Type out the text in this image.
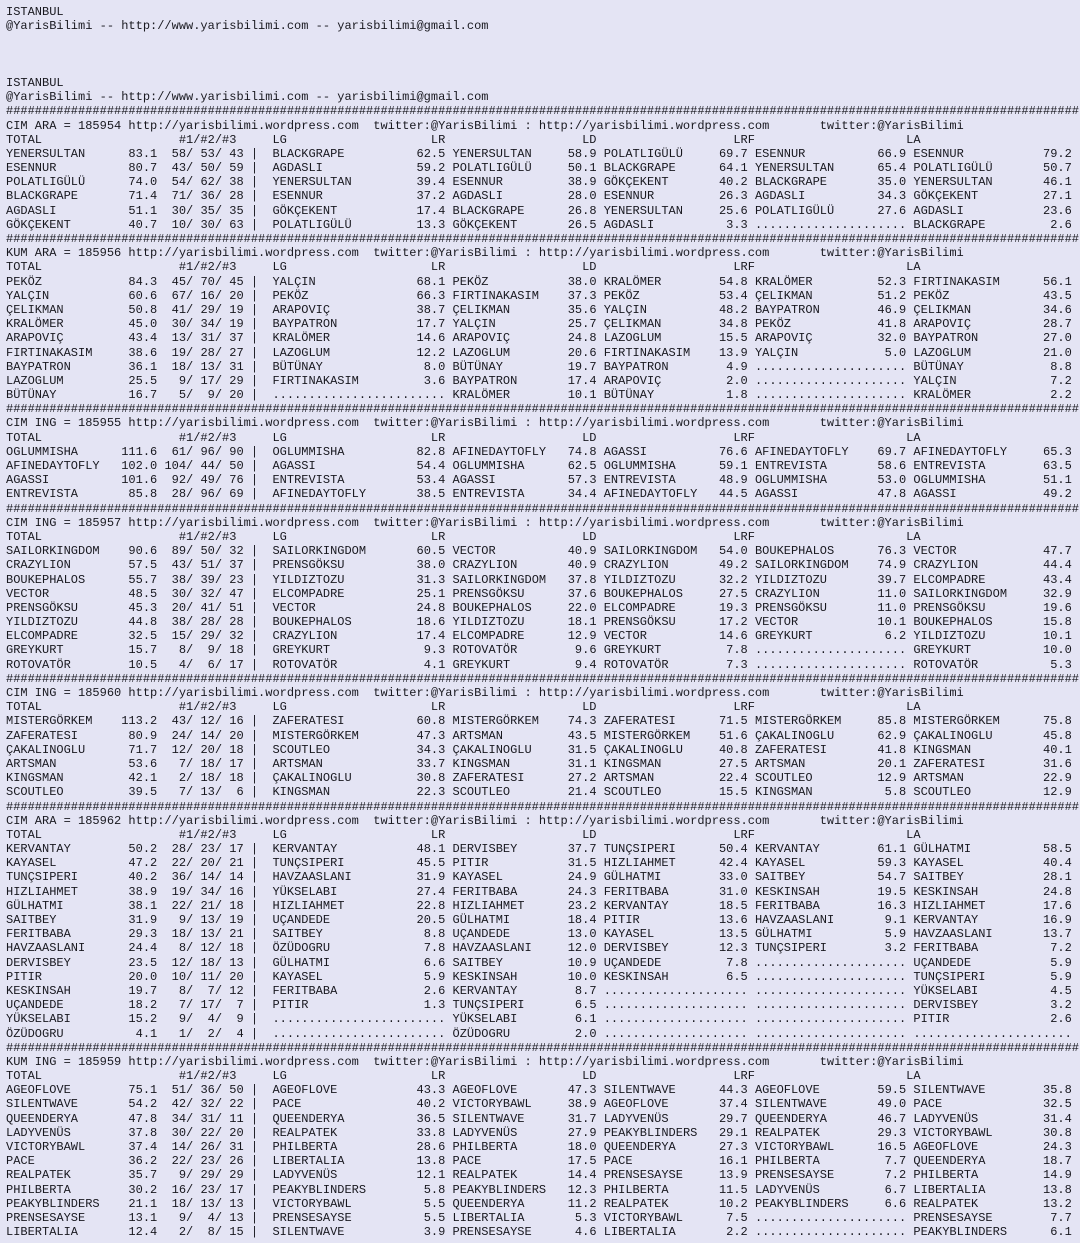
ISTANBUL
@YarisBilimi -- http://www.yarisbilimi.com -- yarisbilimi@gmail.com
ISTANBUL
@YarisBilimi -- http://www.yarisbilimi.com -- yarisbilimi@gmail.com
#####################################################################################################################################################
CIM ARA = 185954 http://yarisbilimi.wordpress.com  twitter:@YarisBilimi : http://yarisbilimi.wordpress.com       twitter:@YarisBilimi
TOTAL                   #1/#2/#3     LG                    LR                   LD                   LRF                     LA
YENERSULTAN      83.1  58/ 53/ 43 |  BLACKGRAPE          62.5 YENERSULTAN     58.9 POLATLIGÜLÜ     69.7 ESENNUR          66.9 ESENNUR           79.2
ESENNUR          80.7  43/ 50/ 59 |  AGDASLI             59.2 POLATLIGÜLÜ     50.1 BLACKGRAPE      64.1 YENERSULTAN      65.4 POLATLIGÜLÜ       50.7
POLATLIGÜLÜ      74.0  54/ 62/ 38 |  YENERSULTAN         39.4 ESENNUR         38.9 GÖKÇEKENT       40.2 BLACKGRAPE       35.0 YENERSULTAN       46.1
BLACKGRAPE       71.4  71/ 36/ 28 |  ESENNUR             37.2 AGDASLI         28.0 ESENNUR         26.3 AGDASLI          34.3 GÖKÇEKENT         27.1
AGDASLI          51.1  30/ 35/ 35 |  GÖKÇEKENT           17.4 BLACKGRAPE      26.8 YENERSULTAN     25.6 POLATLIGÜLÜ      27.6 AGDASLI           23.6
GÖKÇEKENT        40.7  10/ 30/ 63 |  POLATLIGÜLÜ         13.3 GÖKÇEKENT       26.5 AGDASLI          3.3 ..................... BLACKGRAPE         2.6
#####################################################################################################################################################
KUM ARA = 185956 http://yarisbilimi.wordpress.com  twitter:@YarisBilimi : http://yarisbilimi.wordpress.com       twitter:@YarisBilimi
TOTAL                   #1/#2/#3     LG                    LR                   LD                   LRF                     LA
PEKÖZ            84.3  45/ 70/ 45 |  YALÇIN              68.1 PEKÖZ           38.0 KRALÖMER        54.8 KRALÖMER         52.3 FIRTINAKASIM      56.1
YALÇIN           60.6  67/ 16/ 20 |  PEKÖZ               66.3 FIRTINAKASIM    37.3 PEKÖZ           53.4 ÇELIKMAN         51.2 PEKÖZ             43.5
ÇELIKMAN         50.8  41/ 29/ 19 |  ARAPOVIÇ            38.7 ÇELIKMAN        35.6 YALÇIN          48.2 BAYPATRON        46.9 ÇELIKMAN          34.6
KRALÖMER         45.0  30/ 34/ 19 |  BAYPATRON           17.7 YALÇIN          25.7 ÇELIKMAN        34.8 PEKÖZ            41.8 ARAPOVIÇ          28.7
ARAPOVIÇ         43.4  13/ 31/ 37 |  KRALÖMER            14.6 ARAPOVIÇ        24.8 LAZOGLUM        15.5 ARAPOVIÇ         32.0 BAYPATRON         27.0
FIRTINAKASIM     38.6  19/ 28/ 27 |  LAZOGLUM            12.2 LAZOGLUM        20.6 FIRTINAKASIM    13.9 YALÇIN            5.0 LAZOGLUM          21.0
BAYPATRON        36.1  18/ 13/ 31 |  BÜTÜNAY              8.0 BÜTÜNAY         19.7 BAYPATRON        4.9 ..................... BÜTÜNAY            8.8
LAZOGLUM         25.5   9/ 17/ 29 |  FIRTINAKASIM         3.6 BAYPATRON       17.4 ARAPOVIÇ         2.0 ..................... YALÇIN             7.2
BÜTÜNAY          16.7   5/  9/ 20 |  ........................ KRALÖMER        10.1 BÜTÜNAY          1.8 ..................... KRALÖMER           2.2
#####################################################################################################################################################
CIM ING = 185955 http://yarisbilimi.wordpress.com  twitter:@YarisBilimi : http://yarisbilimi.wordpress.com       twitter:@YarisBilimi
TOTAL                   #1/#2/#3     LG                    LR                   LD                   LRF                     LA
OGLUMMISHA      111.6  61/ 96/ 90 |  OGLUMMISHA          82.8 AFINEDAYTOFLY   74.8 AGASSI          76.6 AFINEDAYTOFLY    69.7 AFINEDAYTOFLY     65.3
AFINEDAYTOFLY   102.0 104/ 44/ 50 |  AGASSI              54.4 OGLUMMISHA      62.5 OGLUMMISHA      59.1 ENTREVISTA       58.6 ENTREVISTA        63.5
AGASSI          101.6  92/ 49/ 76 |  ENTREVISTA          53.4 AGASSI          57.3 ENTREVISTA      48.9 OGLUMMISHA       53.0 OGLUMMISHA        51.1
ENTREVISTA       85.8  28/ 96/ 69 |  AFINEDAYTOFLY       38.5 ENTREVISTA      34.4 AFINEDAYTOFLY   44.5 AGASSI           47.8 AGASSI            49.2
#####################################################################################################################################################
CIM ING = 185957 http://yarisbilimi.wordpress.com  twitter:@YarisBilimi : http://yarisbilimi.wordpress.com       twitter:@YarisBilimi
TOTAL                   #1/#2/#3     LG                    LR                   LD                   LRF                     LA
SAILORKINGDOM    90.6  89/ 50/ 32 |  SAILORKINGDOM       60.5 VECTOR          40.9 SAILORKINGDOM   54.0 BOUKEPHALOS      76.3 VECTOR            47.7
CRAZYLION        57.5  43/ 51/ 37 |  PRENSGÖKSU          38.0 CRAZYLION       40.9 CRAZYLION       49.2 SAILORKINGDOM    74.9 CRAZYLION         44.4
BOUKEPHALOS      55.7  38/ 39/ 23 |  YILDIZTOZU          31.3 SAILORKINGDOM   37.8 YILDIZTOZU      32.2 YILDIZTOZU       39.7 ELCOMPADRE        43.4
VECTOR           48.5  30/ 32/ 47 |  ELCOMPADRE          25.1 PRENSGÖKSU      37.6 BOUKEPHALOS     27.5 CRAZYLION        11.0 SAILORKINGDOM     32.9
PRENSGÖKSU       45.3  20/ 41/ 51 |  VECTOR              24.8 BOUKEPHALOS     22.0 ELCOMPADRE      19.3 PRENSGÖKSU       11.0 PRENSGÖKSU        19.6
YILDIZTOZU       44.8  38/ 28/ 28 |  BOUKEPHALOS         18.6 YILDIZTOZU      18.1 PRENSGÖKSU      17.2 VECTOR           10.1 BOUKEPHALOS       15.8
ELCOMPADRE       32.5  15/ 29/ 32 |  CRAZYLION           17.4 ELCOMPADRE      12.9 VECTOR          14.6 GREYKURT          6.2 YILDIZTOZU        10.1
GREYKURT         15.7   8/  9/ 18 |  GREYKURT             9.3 ROTOVATÖR        9.6 GREYKURT         7.8 ..................... GREYKURT          10.0
ROTOVATÖR        10.5   4/  6/ 17 |  ROTOVATÖR            4.1 GREYKURT         9.4 ROTOVATÖR        7.3 ..................... ROTOVATÖR          5.3
#####################################################################################################################################################
CIM ING = 185960 http://yarisbilimi.wordpress.com  twitter:@YarisBilimi : http://yarisbilimi.wordpress.com       twitter:@YarisBilimi
TOTAL                   #1/#2/#3     LG                    LR                   LD                   LRF                     LA
MISTERGÖRKEM    113.2  43/ 12/ 16 |  ZAFERATESI          60.8 MISTERGÖRKEM    74.3 ZAFERATESI      71.5 MISTERGÖRKEM     85.8 MISTERGÖRKEM      75.8
ZAFERATESI       80.9  24/ 14/ 20 |  MISTERGÖRKEM        47.3 ARTSMAN         43.5 MISTERGÖRKEM    51.6 ÇAKALINOGLU      62.9 ÇAKALINOGLU       45.8
ÇAKALINOGLU      71.7  12/ 20/ 18 |  SCOUTLEO            34.3 ÇAKALINOGLU     31.5 ÇAKALINOGLU     40.8 ZAFERATESI       41.8 KINGSMAN          40.1
ARTSMAN          53.6   7/ 18/ 17 |  ARTSMAN             33.7 KINGSMAN        31.1 KINGSMAN        27.5 ARTSMAN          20.1 ZAFERATESI        31.6
KINGSMAN         42.1   2/ 18/ 18 |  ÇAKALINOGLU         30.8 ZAFERATESI      27.2 ARTSMAN         22.4 SCOUTLEO         12.9 ARTSMAN           22.9
SCOUTLEO         39.5   7/ 13/  6 |  KINGSMAN            22.3 SCOUTLEO        21.4 SCOUTLEO        15.5 KINGSMAN          5.8 SCOUTLEO          12.9
#####################################################################################################################################################
CIM ARA = 185962 http://yarisbilimi.wordpress.com  twitter:@YarisBilimi : http://yarisbilimi.wordpress.com       twitter:@YarisBilimi
TOTAL                   #1/#2/#3     LG                    LR                   LD                   LRF                     LA
KERVANTAY        50.2  28/ 23/ 17 |  KERVANTAY           48.1 DERVISBEY       37.7 TUNÇSIPERI      50.4 KERVANTAY        61.1 GÜLHATMI          58.5
KAYASEL          47.2  22/ 20/ 21 |  TUNÇSIPERI          45.5 PITIR           31.5 HIZLIAHMET      42.4 KAYASEL          59.3 KAYASEL           40.4
TUNÇSIPERI       40.2  36/ 14/ 14 |  HAVZAASLANI         31.9 KAYASEL         24.9 GÜLHATMI        33.0 SAITBEY          54.7 SAITBEY           28.1
HIZLIAHMET       38.9  19/ 34/ 16 |  YÜKSELABI           27.4 FERITBABA       24.3 FERITBABA       31.0 KESKINSAH        19.5 KESKINSAH         24.8
GÜLHATMI         38.1  22/ 21/ 18 |  HIZLIAHMET          22.8 HIZLIAHMET      23.2 KERVANTAY       18.5 FERITBABA        16.3 HIZLIAHMET        17.6
SAITBEY          31.9   9/ 13/ 19 |  UÇANDEDE            20.5 GÜLHATMI        18.4 PITIR           13.6 HAVZAASLANI       9.1 KERVANTAY         16.9
FERITBABA        29.3  18/ 13/ 21 |  SAITBEY              8.8 UÇANDEDE        13.0 KAYASEL         13.5 GÜLHATMI          5.9 HAVZAASLANI       13.7
HAVZAASLANI      24.4   8/ 12/ 18 |  ÖZÜDOGRU             7.8 HAVZAASLANI     12.0 DERVISBEY       12.3 TUNÇSIPERI        3.2 FERITBABA          7.2
DERVISBEY        23.5  12/ 18/ 13 |  GÜLHATMI             6.6 SAITBEY         10.9 UÇANDEDE         7.8 ..................... UÇANDEDE           5.9
PITIR            20.0  10/ 11/ 20 |  KAYASEL              5.9 KESKINSAH       10.0 KESKINSAH        6.5 ..................... TUNÇSIPERI         5.9
KESKINSAH        19.7   8/  7/ 12 |  FERITBABA            2.6 KERVANTAY        8.7 .................... ..................... YÜKSELABI          4.5
UÇANDEDE         18.2   7/ 17/  7 |  PITIR                1.3 TUNÇSIPERI       6.5 .................... ..................... DERVISBEY          3.2
YÜKSELABI        15.2   9/  4/  9 |  ........................ YÜKSELABI        6.1 .................... ..................... PITIR              2.6
ÖZÜDOGRU          4.1   1/  2/  4 |  ........................ ÖZÜDOGRU         2.0 .................... ..................... ......................
#####################################################################################################################################################
KUM ING = 185959 http://yarisbilimi.wordpress.com  twitter:@YarisBilimi : http://yarisbilimi.wordpress.com       twitter:@YarisBilimi
TOTAL                   #1/#2/#3     LG                    LR                   LD                   LRF                     LA
AGEOFLOVE        75.1  51/ 36/ 50 |  AGEOFLOVE           43.3 AGEOFLOVE       47.3 SILENTWAVE      44.3 AGEOFLOVE        59.5 SILENTWAVE        35.8
SILENTWAVE       54.2  42/ 32/ 22 |  PACE                40.2 VICTORYBAWL     38.9 AGEOFLOVE       37.4 SILENTWAVE       49.0 PACE              32.5
QUEENDERYA       47.8  34/ 31/ 11 |  QUEENDERYA          36.5 SILENTWAVE      31.7 LADYVENÜS       29.7 QUEENDERYA       46.7 LADYVENÜS         31.4
LADYVENÜS        37.8  30/ 22/ 20 |  REALPATEK           33.8 LADYVENÜS       27.9 PEAKYBLINDERS   29.1 REALPATEK        29.3 VICTORYBAWL       30.8
VICTORYBAWL      37.4  14/ 26/ 31 |  PHILBERTA           28.6 PHILBERTA       18.0 QUEENDERYA      27.3 VICTORYBAWL      16.5 AGEOFLOVE         24.3
PACE             36.2  22/ 23/ 26 |  LIBERTALIA          13.8 PACE            17.5 PACE            16.1 PHILBERTA         7.7 QUEENDERYA        18.7
REALPATEK        35.7   9/ 29/ 29 |  LADYVENÜS           12.1 REALPATEK       14.4 PRENSESAYSE     13.9 PRENSESAYSE       7.2 PHILBERTA         14.9
PHILBERTA        30.2  16/ 23/ 17 |  PEAKYBLINDERS        5.8 PEAKYBLINDERS   12.3 PHILBERTA       11.5 LADYVENÜS         6.7 LIBERTALIA        13.8
PEAKYBLINDERS    21.1  18/ 13/ 13 |  VICTORYBAWL          5.5 QUEENDERYA      11.2 REALPATEK       10.2 PEAKYBLINDERS     6.6 REALPATEK         13.2
PRENSESAYSE      13.1   9/  4/ 13 |  PRENSESAYSE          5.5 LIBERTALIA       5.3 VICTORYBAWL      7.5 ..................... PRENSESAYSE        7.7
LIBERTALIA       12.4   2/  8/ 15 |  SILENTWAVE           3.9 PRENSESAYSE      4.6 LIBERTALIA       2.2 ..................... PEAKYBLINDERS      6.1
